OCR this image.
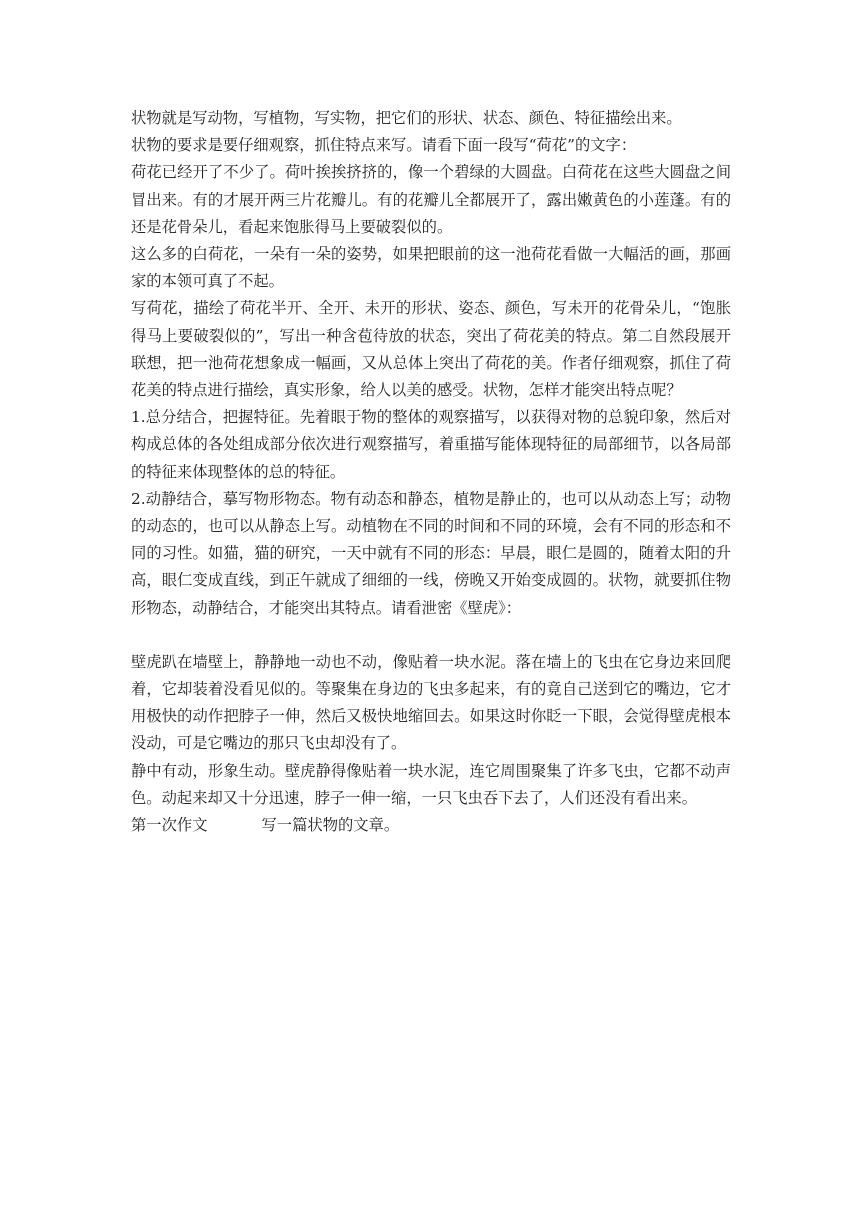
状物就是写动物，写植物，写实物，把它们的形状、状态、颜色、特征描绘出来。

状物的要求是要仔细观察，抓住特点来写。请看下面一段写“荷花”的文字：

荷花已经开了不少了。荷叶挨挨挤挤的，像一个碧绿的大圆盘。白荷花在这些大圆盘之间冒出来。有的才展开两三片花瓣儿。有的花瓣儿全都展开了，露出嫩黄色的小莲蓬。有的还是花骨朵儿，看起来饱胀得马上要破裂似的。

这么多的白荷花，一朵有一朵的姿势，如果把眼前的这一池荷花看做一大幅活的画，那画家的本领可真了不起。

写荷花，描绘了荷花半开、全开、未开的形状、姿态、颜色，写未开的花骨朵儿，“饱胀得马上要破裂似的”，写出一种含苞待放的状态，突出了荷花美的特点。第二自然段展开联想，把一池荷花想象成一幅画，又从总体上突出了荷花的美。作者仔细观察，抓住了荷花美的特点进行描绘，真实形象，给人以美的感受。状物，怎样才能突出特点呢？

1.总分结合，把握特征。先着眼于物的整体的观察描写，以获得对物的总貌印象，然后对构成总体的各处组成部分依次进行观察描写，着重描写能体现特征的局部细节，以各局部的特征来体现整体的总的特征。

2.动静结合，摹写物形物态。物有动态和静态，植物是静止的，也可以从动态上写；动物的动态的，也可以从静态上写。动植物在不同的时间和不同的环境，会有不同的形态和不同的习性。如猫，猫的研究，一天中就有不同的形态：早晨，眼仁是圆的，随着太阳的升高，眼仁变成直线，到正午就成了细细的一线，傍晚又开始变成圆的。状物，就要抓住物形物态，动静结合，才能突出其特点。请看泄密《壁虎》：

壁虎趴在墙壁上，静静地一动也不动，像贴着一块水泥。落在墙上的飞虫在它身边来回爬着，它却装着没看见似的。等聚集在身边的飞虫多起来，有的竟自己送到它的嘴边，它才用极快的动作把脖子一伸，然后又极快地缩回去。如果这时你眨一下眼，会觉得壁虎根本没动，可是它嘴边的那只飞虫却没有了。

静中有动，形象生动。壁虎静得像贴着一块水泥，连它周围聚集了许多飞虫，它都不动声色。动起来却又十分迅速，脖子一伸一缩，一只飞虫吞下去了，人们还没有看出来。

第一次作文	写一篇状物的文章。
